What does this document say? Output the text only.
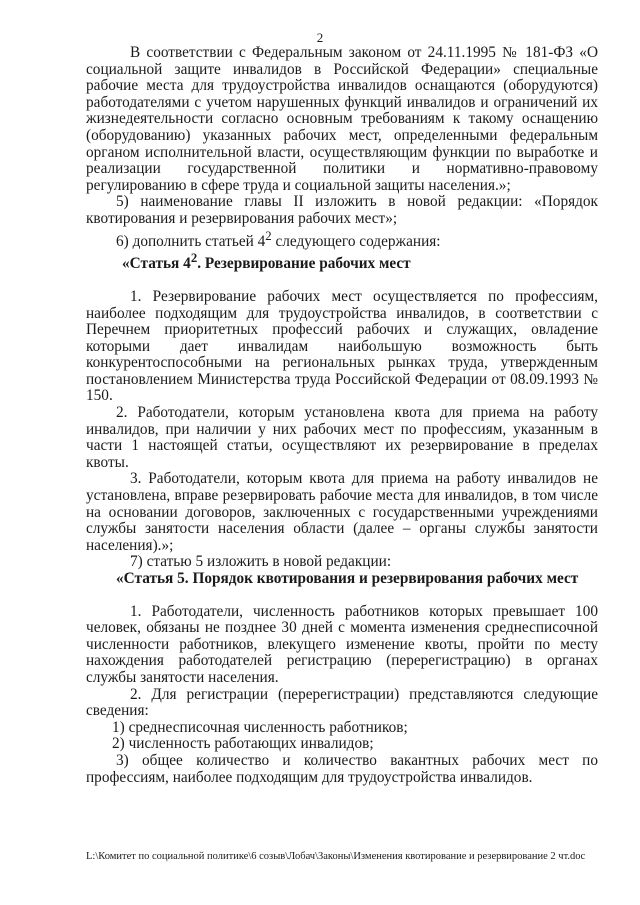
2

В соответствии с Федеральным законом от 24.11.1995 № 181-ФЗ «О социальной защите инвалидов в Российской Федерации» специальные рабочие места для трудоустройства инвалидов оснащаются (оборудуются) работодателями с учетом нарушенных функций инвалидов и ограничений их жизнедеятельности согласно основным требованиям к такому оснащению (оборудованию) указанных рабочих мест, определенными федеральным органом исполнительной власти, осуществляющим функции по выработке и реализации государственной политики и нормативно-правовому регулированию в сфере труда и социальной защиты населения.»;

5) наименование главы II изложить в новой редакции: «Порядок квотирования и резервирования рабочих мест»;

6) дополнить статьей $4^2$ следующего содержания:

«Статья $4^2$. Резервирование рабочих мест

1. Резервирование рабочих мест осуществляется по профессиям, наиболее подходящим для трудоустройства инвалидов, в соответствии с Перечнем приоритетных профессий рабочих и служащих, овладение которыми дает инвалидам наибольшую возможность быть конкурентоспособными на региональных рынках труда, утвержденным постановлением Министерства труда Российской Федерации от 08.09.1993 № 150.

2. Работодатели, которым установлена квота для приема на работу инвалидов, при наличии у них рабочих мест по профессиям, указанным в части 1 настоящей статьи, осуществляют их резервирование в пределах квоты.

3. Работодатели, которым квота для приема на работу инвалидов не установлена, вправе резервировать рабочие места для инвалидов, в том числе на основании договоров, заключенных с государственными учреждениями службы занятости населения области (далее – органы службы занятости населения).»;

7) статью 5 изложить в новой редакции:

«Статья 5. Порядок квотирования и резервирования рабочих мест

1. Работодатели, численность работников которых превышает 100 человек, обязаны не позднее 30 дней с момента изменения среднесписочной численности работников, влекущего изменение квоты, пройти по месту нахождения работодателей регистрацию (перерегистрацию) в органах службы занятости населения.

2. Для регистрации (перерегистрации) представляются следующие сведения:

1) среднесписочная численность работников;

2) численность работающих инвалидов;

3) общее количество и количество вакантных рабочих мест по профессиям, наиболее подходящим для трудоустройства инвалидов.

L:\Комитет по социальной политике\6 созыв\Лобач\Законы\Изменения квотирование и резервирование 2 чт.doc
